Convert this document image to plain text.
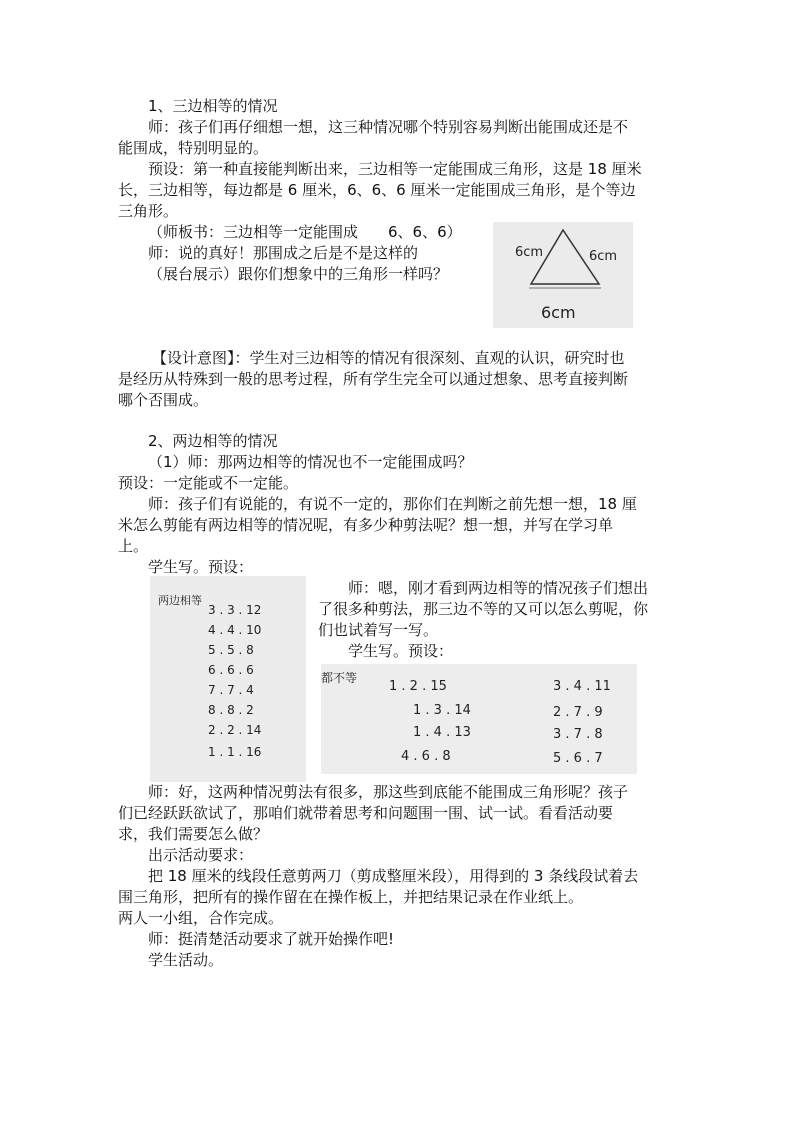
1、三边相等的情况
师：孩子们再仔细想一想，这三种情况哪个特别容易判断出能围成还是不
能围成，特别明显的。
预设：第一种直接能判断出来，三边相等一定能围成三角形，这是 18 厘米
长，三边相等，每边都是 6 厘米，6、6、6 厘米一定能围成三角形，是个等边
三角形。
（师板书：三边相等一定能围成　　6、6、6）
师：说的真好！那围成之后是不是这样的
（展台展示）跟你们想象中的三角形一样吗？
6cm	6cm
6cm
【设计意图】：学生对三边相等的情况有很深刻、直观的认识，研究时也
是经历从特殊到一般的思考过程，所有学生完全可以通过想象、思考直接判断
哪个否围成。
2、两边相等的情况
（1）师：那两边相等的情况也不一定能围成吗？
预设：一定能或不一定能。
师：孩子们有说能的，有说不一定的，那你们在判断之前先想一想，18 厘
米怎么剪能有两边相等的情况呢，有多少种剪法呢？想一想，并写在学习单
上。
学生写。预设：
两边相等
3 . 3 . 12
4 . 4 . 10
5 . 5 . 8
6 . 6 . 6
7 . 7 . 4
8 . 8 . 2
2 . 2 . 14
1 . 1 . 16
师：嗯，刚才看到两边相等的情况孩子们想出
了很多种剪法，那三边不等的又可以怎么剪呢，你
们也试着写一写。
学生写。预设：
都不等
1 . 2 . 15
1 . 3 . 14
1 . 4 . 13
4 . 6 . 8
3 . 4 . 11
2 . 7 . 9
3 . 7 . 8
5 . 6 . 7
师：好，这两种情况剪法有很多，那这些到底能不能围成三角形呢？孩子
们已经跃跃欲试了，那咱们就带着思考和问题围一围、试一试。看看活动要
求，我们需要怎么做？
出示活动要求：
把 18 厘米的线段任意剪两刀（剪成整厘米段），用得到的 3 条线段试着去
围三角形，把所有的操作留在在操作板上，并把结果记录在作业纸上。
两人一小组，合作完成。
师：挺清楚活动要求了就开始操作吧!
学生活动。
